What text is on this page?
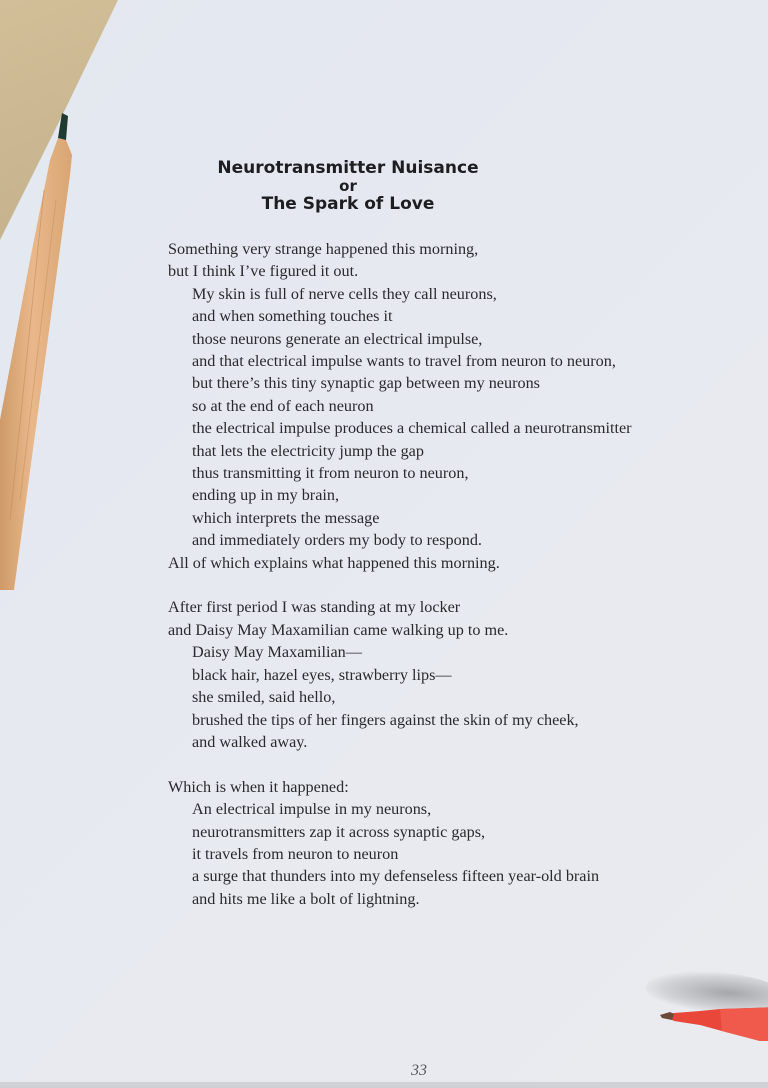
Neurotransmitter Nuisance
or
The Spark of Love
Something very strange happened this morning,
but I think I’ve figured it out.
My skin is full of nerve cells they call neurons,
and when something touches it
those neurons generate an electrical impulse,
and that electrical impulse wants to travel from neuron to neuron,
but there’s this tiny synaptic gap between my neurons
so at the end of each neuron
the electrical impulse produces a chemical called a neurotransmitter
that lets the electricity jump the gap
thus transmitting it from neuron to neuron,
ending up in my brain,
which interprets the message
and immediately orders my body to respond.
All of which explains what happened this morning.
After first period I was standing at my locker
and Daisy May Maxamilian came walking up to me.
Daisy May Maxamilian—
black hair, hazel eyes, strawberry lips—
she smiled, said hello,
brushed the tips of her fingers against the skin of my cheek,
and walked away.
Which is when it happened:
An electrical impulse in my neurons,
neurotransmitters zap it across synaptic gaps,
it travels from neuron to neuron
a surge that thunders into my defenseless fifteen year-old brain
and hits me like a bolt of lightning.
33
